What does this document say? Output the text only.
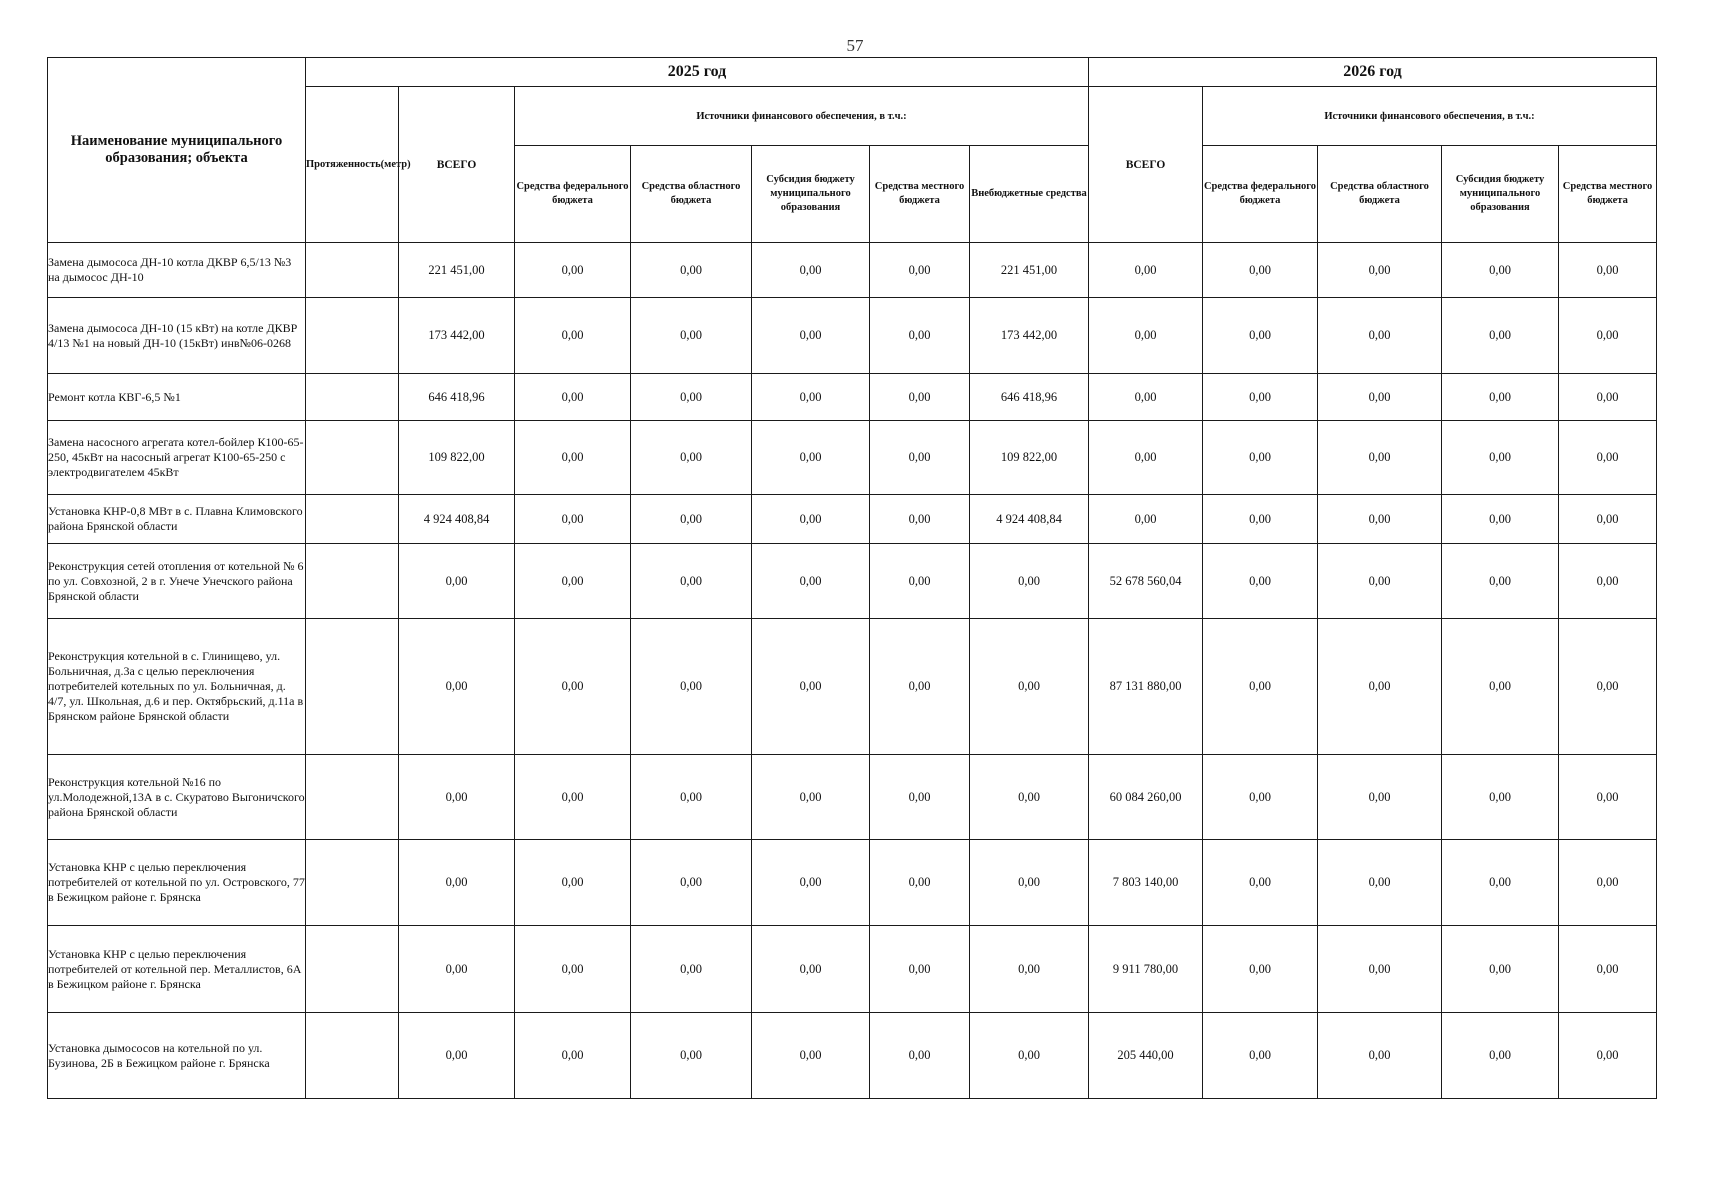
57
Наименование муниципального образования; объекта	2025 год							2026 год				
	Протяженность(метр)	ВСЕГО	Источники финансового обеспечения, в т.ч.:					ВСЕГО	Источники финансового обеспечения, в т.ч.:			
			Средства федерального бюджета	Средства областного бюджета	Субсидия бюджету муниципального образования	Средства местного бюджета	Внебюджетные средства		Средства федерального бюджета	Средства областного бюджета	Субсидия бюджету муниципального образования	Средства местного бюджета
Замена дымососа ДН-10 котла ДКВР 6,5/13 №3 на дымосос ДН-10		221 451,00	0,00	0,00	0,00	0,00	221 451,00	0,00	0,00	0,00	0,00	0,00
Замена дымососа ДН-10 (15 кВт) на котле ДКВР 4/13 №1 на новый ДН-10 (15кВт) инв№06-0268		173 442,00	0,00	0,00	0,00	0,00	173 442,00	0,00	0,00	0,00	0,00	0,00
Ремонт котла КВГ-6,5 №1		646 418,96	0,00	0,00	0,00	0,00	646 418,96	0,00	0,00	0,00	0,00	0,00
Замена насосного агрегата котел-бойлер К100-65-250, 45кВт на насосный агрегат К100-65-250 с электродвигателем 45кВт		109 822,00	0,00	0,00	0,00	0,00	109 822,00	0,00	0,00	0,00	0,00	0,00
Установка КНР-0,8 МВт в с. Плавна Климовского района Брянской области		4 924 408,84	0,00	0,00	0,00	0,00	4 924 408,84	0,00	0,00	0,00	0,00	0,00
Реконструкция сетей отопления от котельной № 6 по ул. Совхозной, 2 в г. Унече Унечского района Брянской области		0,00	0,00	0,00	0,00	0,00	0,00	52 678 560,04	0,00	0,00	0,00	0,00
Реконструкция котельной в с. Глинищево, ул. Больничная, д.3а с целью переключения потребителей котельных по ул. Больничная, д. 4/7, ул. Школьная, д.6 и пер. Октябрьский, д.11а в Брянском районе Брянской области		0,00	0,00	0,00	0,00	0,00	0,00	87 131 880,00	0,00	0,00	0,00	0,00
Реконструкция котельной №16 по ул.Молодежной,13А в с. Скуратово Выгоничского района Брянской области		0,00	0,00	0,00	0,00	0,00	0,00	60 084 260,00	0,00	0,00	0,00	0,00
Установка КНР с целью переключения потребителей от котельной по ул. Островского, 77 в Бежицком районе г. Брянска		0,00	0,00	0,00	0,00	0,00	0,00	7 803 140,00	0,00	0,00	0,00	0,00
Установка КНР с целью переключения потребителей от котельной пер. Металлистов, 6А в Бежицком районе г. Брянска		0,00	0,00	0,00	0,00	0,00	0,00	9 911 780,00	0,00	0,00	0,00	0,00
Установка дымососов на котельной по ул. Бузинова, 2Б в Бежицком районе г. Брянска		0,00	0,00	0,00	0,00	0,00	0,00	205 440,00	0,00	0,00	0,00	0,00
